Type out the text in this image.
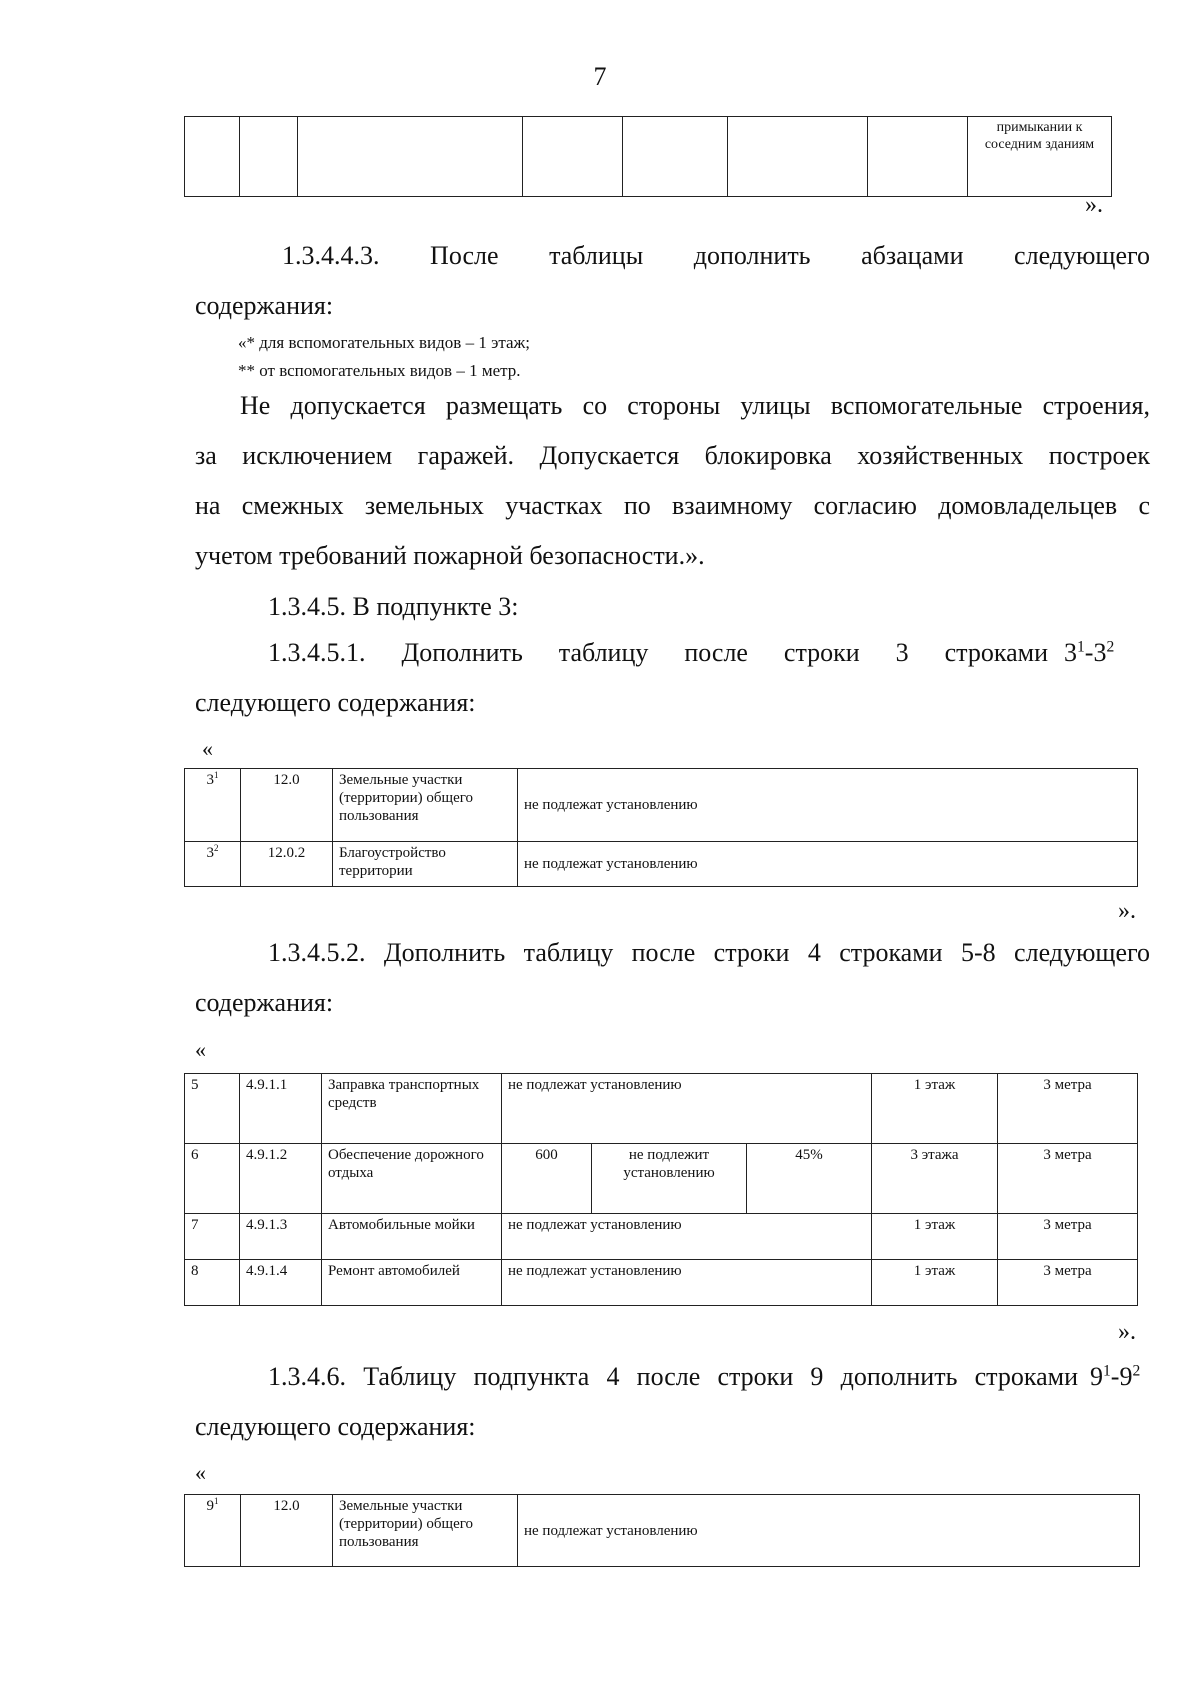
7
							примыкании к соседним зданиям
».
1.3.4.4.3. После таблицы дополнить абзацами следующего
содержания:
«* для вспомогательных видов – 1 этаж;
** от вспомогательных видов – 1 метр.
Не допускается размещать со стороны улицы вспомогательные строения,
за исключением гаражей. Допускается блокировка хозяйственных построек
на смежных земельных участках по взаимному согласию домовладельцев с
учетом требований пожарной безопасности.».
1.3.4.5. В подпункте 3:
1.3.4.5.1. Дополнить таблицу после строки 3 строками $3^1-3^2$
следующего содержания:
«
$3^1$	12.0	Земельные участки (территории) общего пользования	не подлежат установлению
$3^2$	12.0.2	Благоустройство территории	не подлежат установлению
».
1.3.4.5.2. Дополнить таблицу после строки 4 строками 5-8 следующего
содержания:
«
5	4.9.1.1	Заправка транспортных средств	не подлежат установлению			1 этаж	3 метра
6	4.9.1.2	Обеспечение дорожного отдыха	600	не подлежит установлению	45%	3 этажа	3 метра
7	4.9.1.3	Автомобильные мойки	не подлежат установлению			1 этаж	3 метра
8	4.9.1.4	Ремонт автомобилей	не подлежат установлению			1 этаж	3 метра
».
1.3.4.6. Таблицу подпункта 4 после строки 9 дополнить строками $9^1-9^2$
следующего содержания:
«
$9^1$	12.0	Земельные участки (территории) общего пользования	не подлежат установлению
